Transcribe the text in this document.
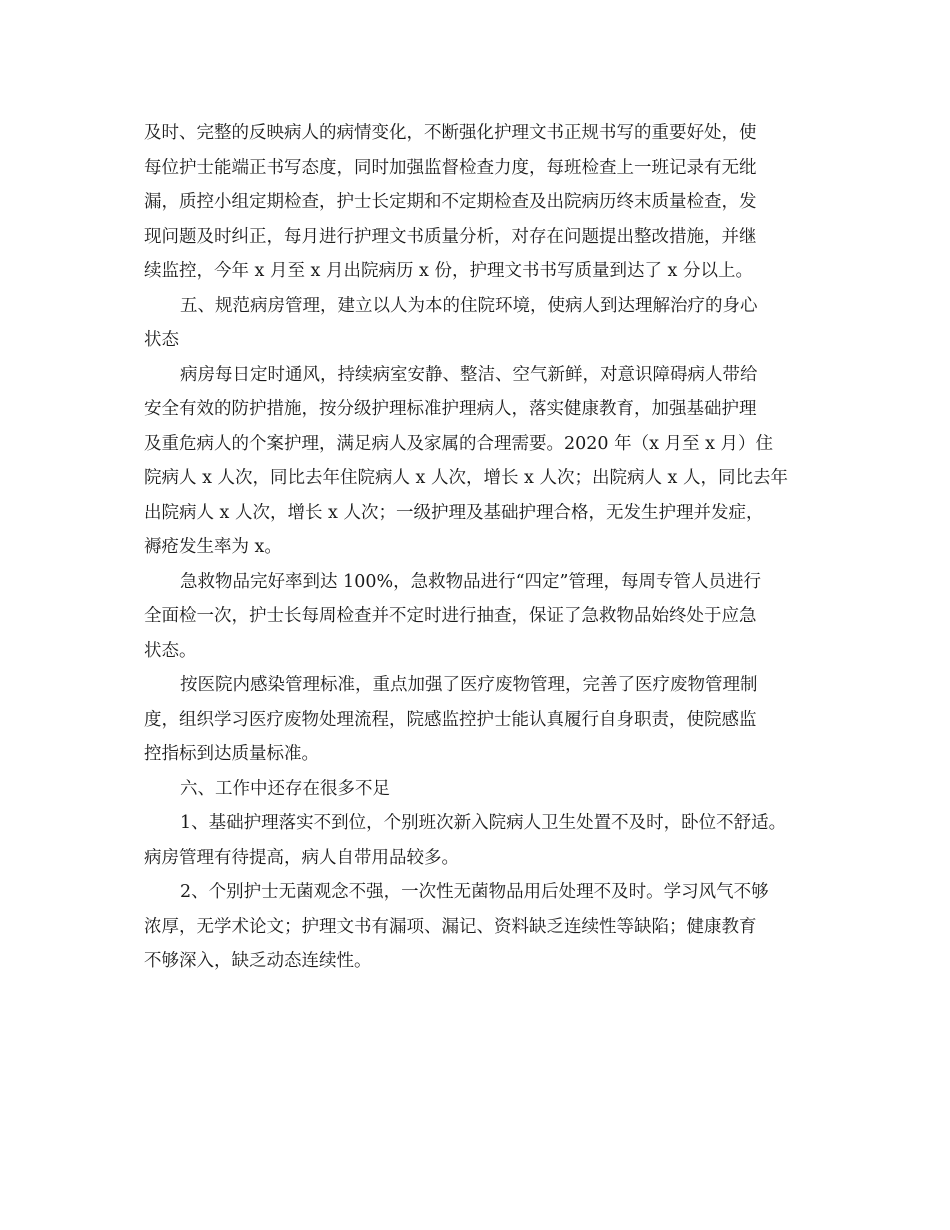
及时、完整的反映病人的病情变化，不断强化护理文书正规书写的重要好处，使
每位护士能端正书写态度，同时加强监督检查力度，每班检查上一班记录有无纰
漏，质控小组定期检查，护士长定期和不定期检查及出院病历终末质量检查，发
现问题及时纠正，每月进行护理文书质量分析，对存在问题提出整改措施，并继
续监控，今年 x 月至 x 月出院病历 x 份，护理文书书写质量到达了 x 分以上。
五、规范病房管理，建立以人为本的住院环境，使病人到达理解治疗的身心
状态
病房每日定时通风，持续病室安静、整洁、空气新鲜，对意识障碍病人带给
安全有效的防护措施，按分级护理标准护理病人，落实健康教育，加强基础护理
及重危病人的个案护理，满足病人及家属的合理需要。2020 年（x 月至 x 月）住
院病人 x 人次，同比去年住院病人 x 人次，增长 x 人次；出院病人 x 人，同比去年
出院病人 x 人次，增长 x 人次；一级护理及基础护理合格，无发生护理并发症，
褥疮发生率为 x。
急救物品完好率到达 100%，急救物品进行“四定”管理，每周专管人员进行
全面检一次，护士长每周检查并不定时进行抽查，保证了急救物品始终处于应急
状态。
按医院内感染管理标准，重点加强了医疗废物管理，完善了医疗废物管理制
度，组织学习医疗废物处理流程，院感监控护士能认真履行自身职责，使院感监
控指标到达质量标准。
六、工作中还存在很多不足
1、基础护理落实不到位，个别班次新入院病人卫生处置不及时，卧位不舒适。
病房管理有待提高，病人自带用品较多。
2、个别护士无菌观念不强，一次性无菌物品用后处理不及时。学习风气不够
浓厚，无学术论文；护理文书有漏项、漏记、资料缺乏连续性等缺陷；健康教育
不够深入，缺乏动态连续性。
